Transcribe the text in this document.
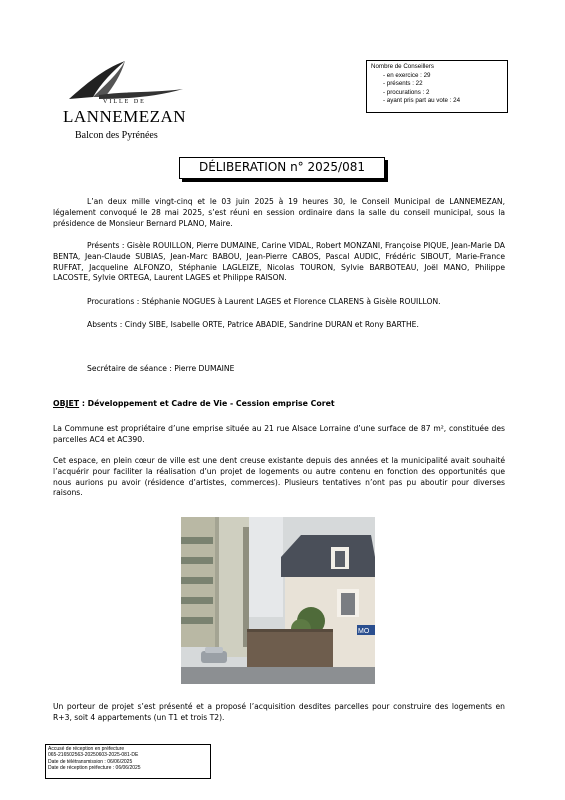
VILLE DE
LANNEMEZAN
Balcon des Pyrénées
Nombre de Conseillers
- en exercice : 29
- présents : 22
- procurations : 2
- ayant pris part au vote : 24
DÉLIBERATION n° 2025/081
L’an deux mille vingt-cinq et le 03 juin 2025 à 19 heures 30, le Conseil Municipal de LANNEMEZAN, légalement convoqué le 28 mai 2025, s’est réuni en session ordinaire dans la salle du conseil municipal, sous la présidence de Monsieur Bernard PLANO, Maire.
Présents : Gisèle ROUILLON, Pierre DUMAINE, Carine VIDAL, Robert MONZANI, Françoise PIQUE, Jean-Marie DA BENTA, Jean-Claude SUBIAS, Jean-Marc BABOU, Jean-Pierre CABOS, Pascal AUDIC, Frédéric SIBOUT, Marie-France RUFFAT, Jacqueline ALFONZO, Stéphanie LAGLEIZE, Nicolas TOURON, Sylvie BARBOTEAU, Joël MANO, Philippe LACOSTE, Sylvie ORTEGA, Laurent LAGES et Philippe RAISON.
Procurations : Stéphanie NOGUES à Laurent LAGES et Florence CLARENS à Gisèle ROUILLON.
Absents : Cindy SIBE, Isabelle ORTE, Patrice ABADIE, Sandrine DURAN et Rony BARTHE.
Secrétaire de séance : Pierre DUMAINE
OBJET : Développement et Cadre de Vie - Cession emprise Coret
La Commune est propriétaire d’une emprise située au 21 rue Alsace Lorraine d’une surface de 87 m², constituée des parcelles AC4 et AC390.
Cet espace, en plein cœur de ville est une dent creuse existante depuis des années et la municipalité avait souhaité l’acquérir pour faciliter la réalisation d’un projet de logements ou autre contenu en fonction des opportunités que nous aurions pu avoir (résidence d’artistes, commerces). Plusieurs tentatives n’ont pas pu aboutir pour diverses raisons.
MO
Un porteur de projet s’est présenté et a proposé l’acquisition desdites parcelles pour construire des logements en R+3, soit 4 appartements (un T1 et trois T2).
Accusé de réception en préfecture
065-216502563-20250603-2025-081-DE
Date de télétransmission : 06/06/2025
Date de réception préfecture : 06/06/2025
